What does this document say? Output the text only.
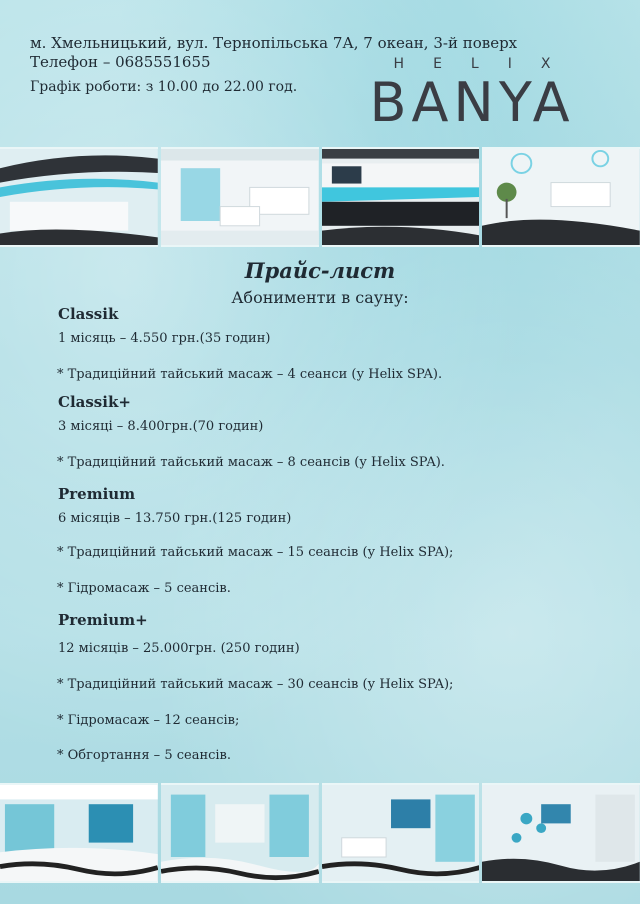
м. Хмельницький, вул. Тернопільська 7А, 7 океан, 3-й поверх
Телефон – 0685551655
Графік роботи: з 10.00 до 22.00 год.
HELIX
BANYA
Прайс-лист
Абонименти в сауну:
Classik
1 місяць – 4.550 грн.(35 годин)
* Традиційний тайський масаж – 4 сеанси (у Helix SPA).
Classik+
3 місяці – 8.400грн.(70 годин)
* Традиційний тайський масаж – 8 сеансів (у Helix SPA).
Premium
6 місяців – 13.750 грн.(125 годин)
* Традиційний тайський масаж – 15 сеансів (у Helix SPA);
* Гідромасаж – 5 сеансів.
Premium+
12 місяців – 25.000грн. (250 годин)
* Традиційний тайський масаж – 30 сеансів (у Helix SPA);
* Гідромасаж – 12 сеансів;
* Обгортання – 5 сеансів.
